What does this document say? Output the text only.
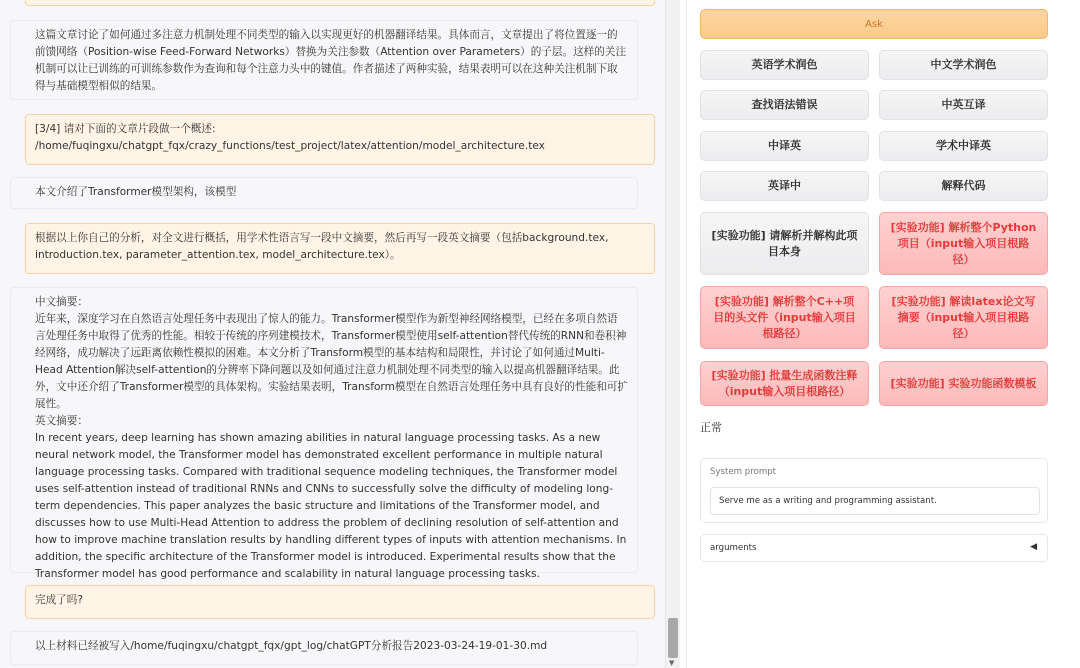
这篇文章讨论了如何通过多注意力机制处理不同类型的输入以实现更好的机器翻译结果。具体而言，文章提出了将位置逐一的前馈网络（Position-wise Feed-Forward Networks）替换为关注参数（Attention over Parameters）的子层。这样的关注机制可以让已训练的可训练参数作为查询和每个注意力头中的键值。作者描述了两种实验，结果表明可以在这种关注机制下取得与基础模型相似的结果。
[3/4] 请对下面的文章片段做一个概述:
/home/fuqingxu/chatgpt_fqx/crazy_functions/test_project/latex/attention/model_architecture.tex
本文介绍了Transformer模型架构，该模型
根据以上你自己的分析，对全文进行概括，用学术性语言写一段中文摘要，然后再写一段英文摘要（包括background.tex, introduction.tex, parameter_attention.tex, model_architecture.tex）。
中文摘要：
近年来，深度学习在自然语言处理任务中表现出了惊人的能力。Transformer模型作为新型神经网络模型，已经在多项自然语言处理任务中取得了优秀的性能。相较于传统的序列建模技术，Transformer模型使用self-attention替代传统的RNN和卷积神经网络，成功解决了远距离依赖性模拟的困难。本文分析了Transform模型的基本结构和局限性，并讨论了如何通过Multi-Head Attention解决self-attention的分辨率下降问题以及如何通过注意力机制处理不同类型的输入以提高机器翻译结果。此外，文中还介绍了Transformer模型的具体架构。实验结果表明，Transform模型在自然语言处理任务中具有良好的性能和可扩展性。
英文摘要：
In recent years, deep learning has shown amazing abilities in natural language processing tasks. As a new neural network model, the Transformer model has demonstrated excellent performance in multiple natural language processing tasks. Compared with traditional sequence modeling techniques, the Transformer model uses self-attention instead of traditional RNNs and CNNs to successfully solve the difficulty of modeling long-term dependencies. This paper analyzes the basic structure and limitations of the Transformer model, and discusses how to use Multi-Head Attention to address the problem of declining resolution of self-attention and how to improve machine translation results by handling different types of inputs with attention mechanisms. In addition, the specific architecture of the Transformer model is introduced. Experimental results show that the Transformer model has good performance and scalability in natural language processing tasks.
完成了吗?
以上材料已经被写入/home/fuqingxu/chatgpt_fqx/gpt_log/chatGPT分析报告2023-03-24-19-01-30.md
▼
Ask
英语学术润色	中文学术润色
查找语法错误	中英互译
中译英	学术中译英
英译中	解释代码
[实验功能] 请解析并解构此项目本身
[实验功能] 解析整个Python项目（input输入项目根路径）
[实验功能] 解析整个C++项目的头文件（input输入项目根路径）
[实验功能] 解读latex论文写摘要（input输入项目根路径）
[实验功能] 批量生成函数注释（input输入项目根路径）
[实验功能] 实验功能函数模板
正常
System prompt
Serve me as a writing and programming assistant.
arguments	◀
